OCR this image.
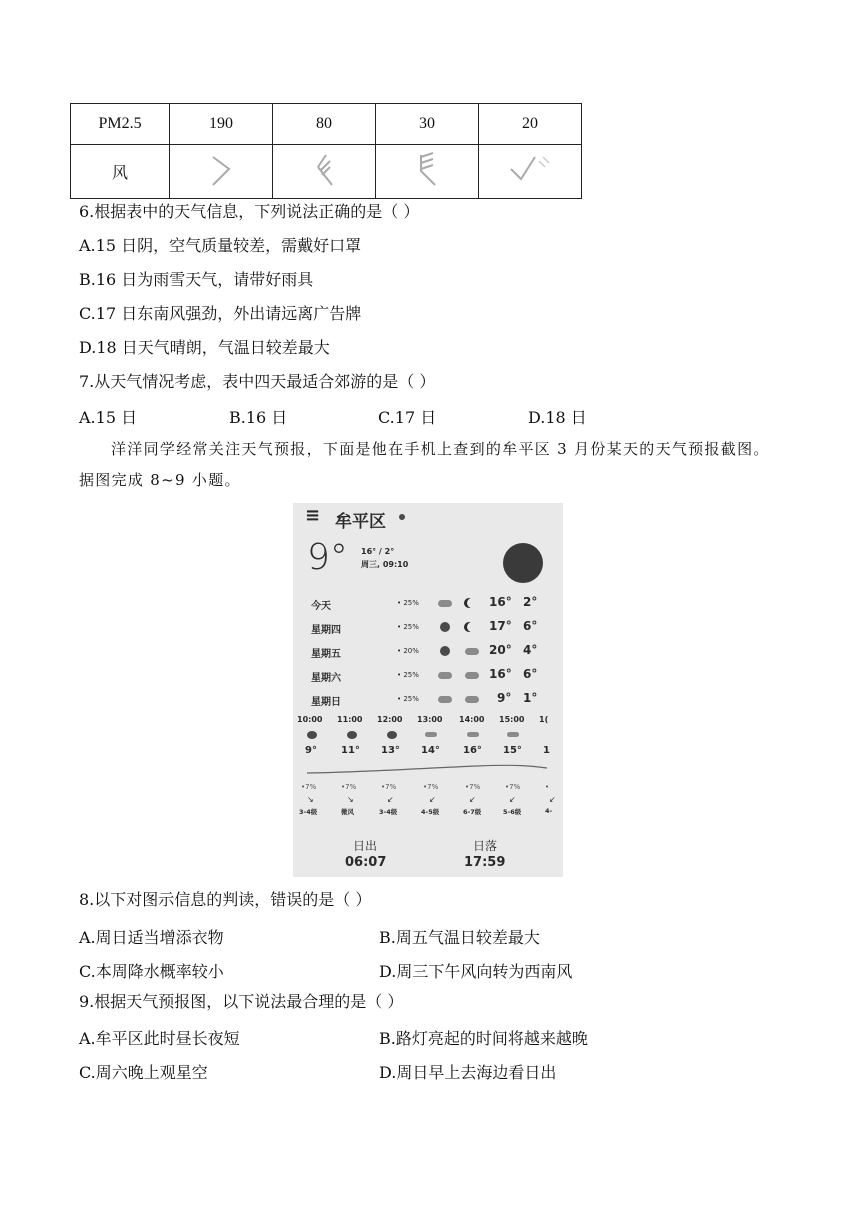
PM2.5	190	80	30	20
风				
6.根据表中的天气信息，下列说法正确的是（ ）
A.15 日阴，空气质量较差，需戴好口罩
B.16 日为雨雪天气，请带好雨具
C.17 日东南风强劲，外出请远离广告牌
D.18 日天气晴朗，气温日较差最大
7.从天气情况考虑，表中四天最适合郊游的是（ ）
A.15 日	B.16 日	C.17 日	D.18 日
洋洋同学经常关注天气预报，下面是他在手机上查到的牟平区 3 月份某天的天气预报截图。据图完成 8~9 小题。
≡ 牟平区
9° 16° / 2°
周三, 09:10
今天	• 25%	16° 2°
星期四	• 25%	17° 6°
星期五	• 20%	20° 4°
星期六	• 25%	16° 6°
星期日	• 25%	9° 1°
10:00 11:00 12:00 13:00 14:00 15:00 1(
9° 11° 13° 14° 16° 15° 1
•7%	•7%	•7%	•7%	•7%	•7%	•
↘	↘	↙	↙	↙	↙	↙
3-4级	微风	3-4级	4-5级	6-7级	5-6级	4-
日出
06:07
日落
17:59
8.以下对图示信息的判读，错误的是（ ）
A.周日适当增添衣物	B.周五气温日较差最大
C.本周降水概率较小	D.周三下午风向转为西南风
9.根据天气预报图，以下说法最合理的是（ ）
A.牟平区此时昼长夜短	B.路灯亮起的时间将越来越晚
C.周六晚上观星空	D.周日早上去海边看日出
